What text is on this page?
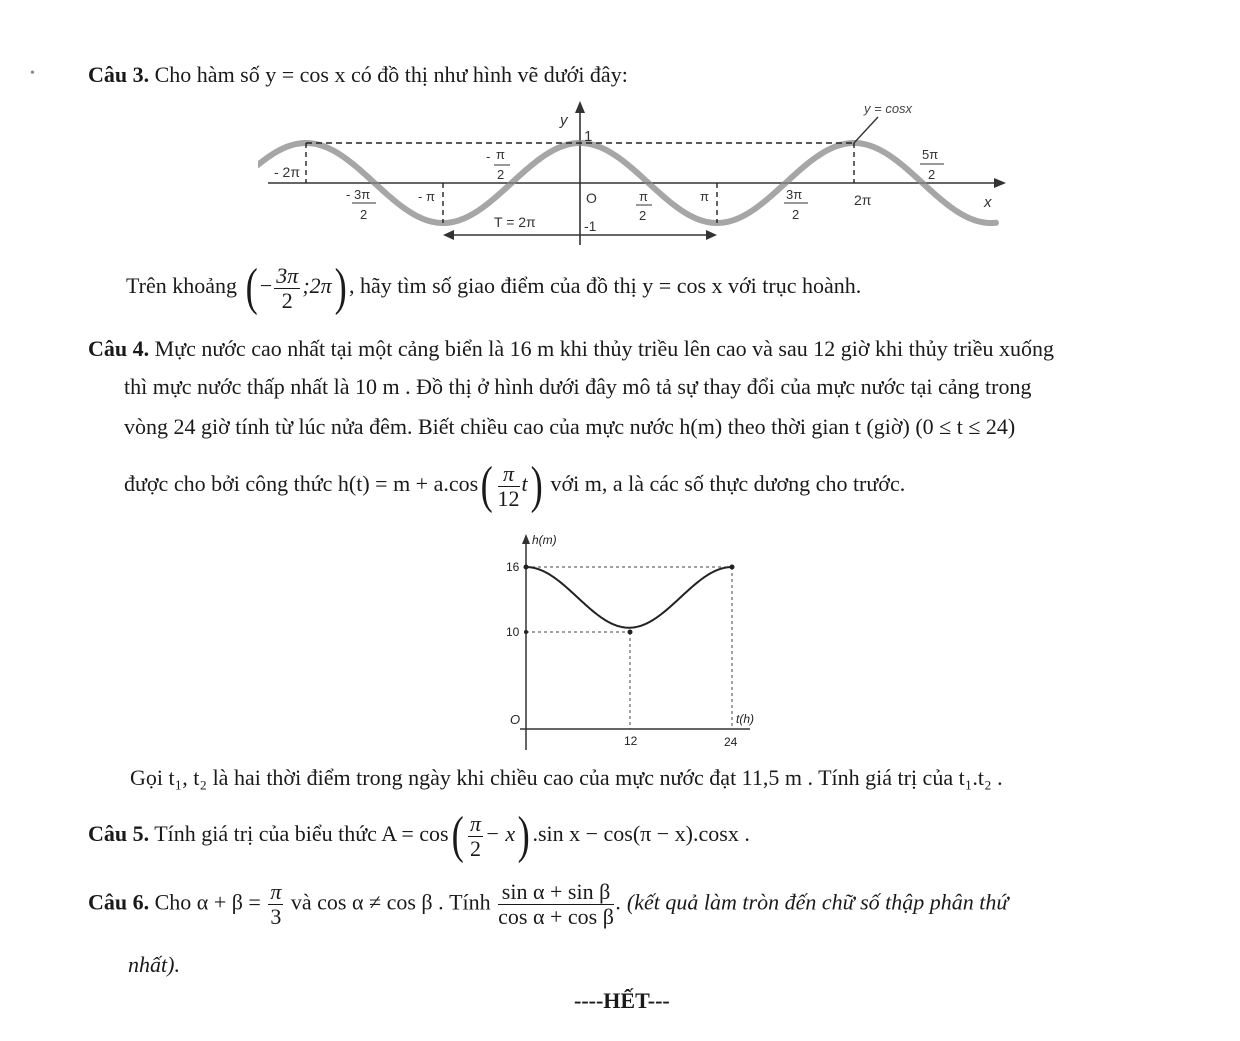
• Câu 3. Cho hàm số y = cos x có đồ thị như hình vẽ dưới đây:
y = cosx
y
1
x
O
-1
T = 2π
- 2π
- π	π	2π
- π
2
- 3π
2
π
2
3π
2
5π
2
Trên khoảng ( − $\frac{3\pi}{2}$ ;2π) , hãy tìm số giao điểm của đồ thị y = cos x với trục hoành.
Câu 4. Mực nước cao nhất tại một cảng biển là 16 m khi thủy triều lên cao và sau 12 giờ khi thủy triều xuống
thì mực nước thấp nhất là 10 m . Đồ thị ở hình dưới đây mô tả sự thay đổi của mực nước tại cảng trong
vòng 24 giờ tính từ lúc nửa đêm. Biết chiều cao của mực nước h(m) theo thời gian t (giờ) (0 ≤ t ≤ 24)
được cho bởi công thức $h(t) = m + a.\cos( \frac{\pi}{12} t)$ với m, a là các số thực dương cho trước.
h(m)
16
10
O	t(h)
12	24
Gọi t₁, t₂ là hai thời điểm trong ngày khi chiều cao của mực nước đạt 11,5 m . Tính giá trị của t₁.t₂ .
Câu 5. Tính giá trị của biểu thức $A = \cos( \frac{\pi}{2} - x)$ .sin x − cos(π − x).cosx .
Câu 6. Cho $\alpha + \beta = \frac{\pi}{3}$ và cos α ≠ cos β . Tính $\frac{\text{sin α + sin β}}{\text{cos α + cos β}}$ . (kết quả làm tròn đến chữ số thập phân thứ
nhất).
----HẾT---
